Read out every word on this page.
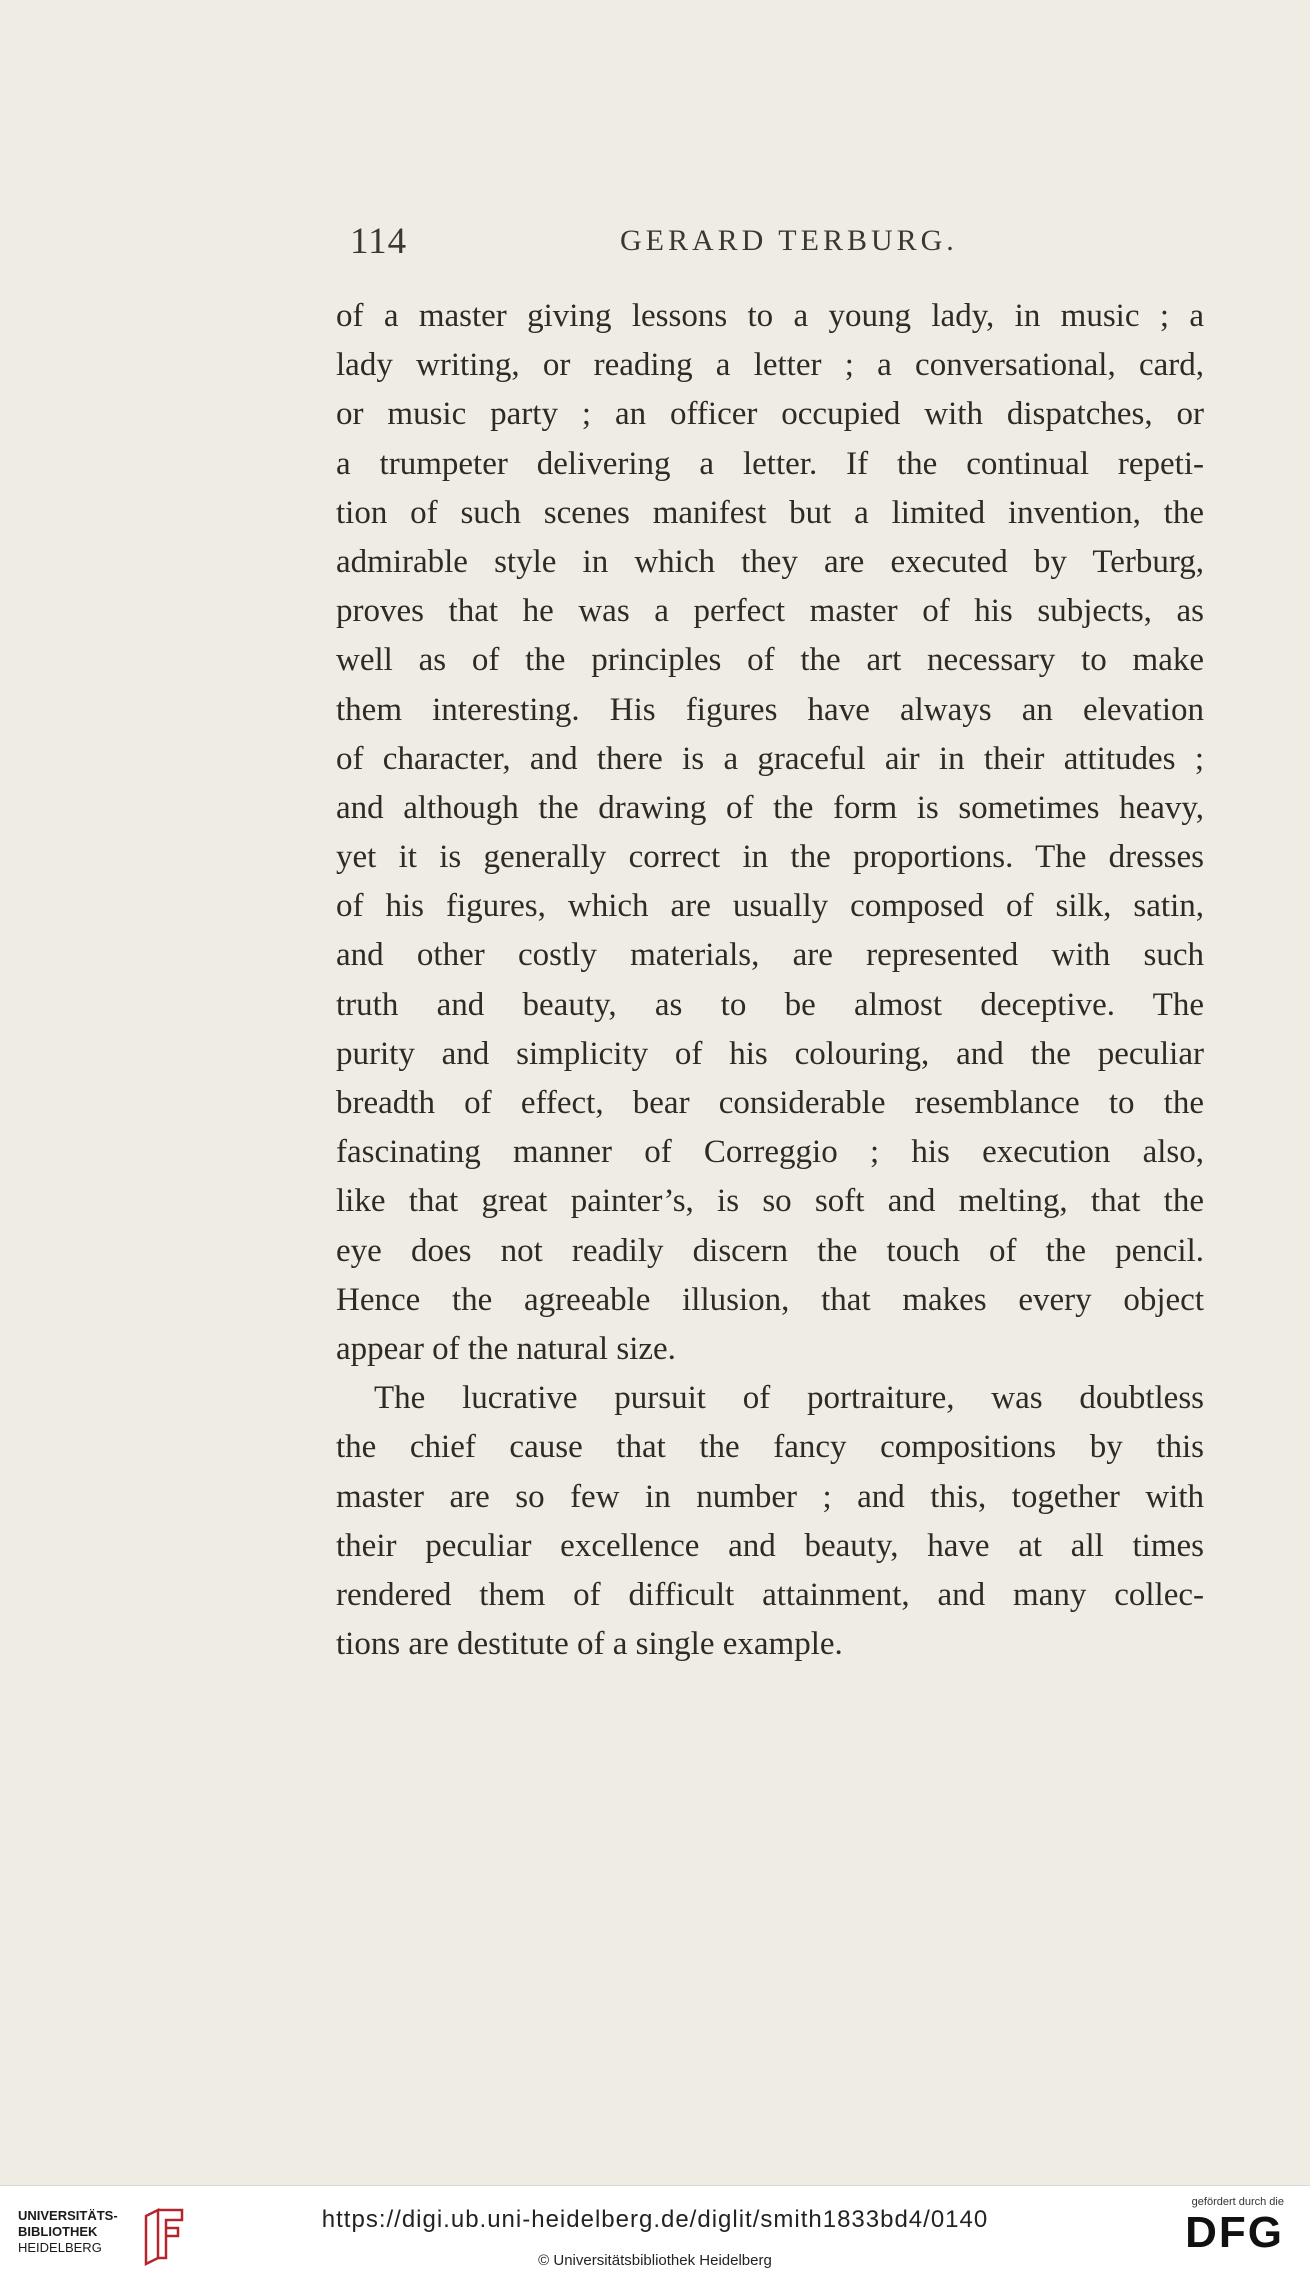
114	GERARD TERBURG.
of a master giving lessons to a young lady, in music ; a
lady writing, or reading a letter ; a conversational, card,
or music party ; an officer occupied with dispatches, or
a trumpeter delivering a letter. If the continual repeti-
tion of such scenes manifest but a limited invention, the
admirable style in which they are executed by Terburg,
proves that he was a perfect master of his subjects, as
well as of the principles of the art necessary to make
them interesting. His figures have always an elevation
of character, and there is a graceful air in their attitudes ;
and although the drawing of the form is sometimes heavy,
yet it is generally correct in the proportions. The dresses
of his figures, which are usually composed of silk, satin,
and other costly materials, are represented with such
truth and beauty, as to be almost deceptive. The
purity and simplicity of his colouring, and the peculiar
breadth of effect, bear considerable resemblance to the
fascinating manner of Correggio ; his execution also,
like that great painter’s, is so soft and melting, that the
eye does not readily discern the touch of the pencil.
Hence the agreeable illusion, that makes every object
appear of the natural size.
The lucrative pursuit of portraiture, was doubtless
the chief cause that the fancy compositions by this
master are so few in number ; and this, together with
their peculiar excellence and beauty, have at all times
rendered them of difficult attainment, and many collec-
tions are destitute of a single example.
UNIVERSITÄTS-
BIBLIOTHEK
HEIDELBERG
https://digi.ub.uni-heidelberg.de/diglit/smith1833bd4/0140
© Universitätsbibliothek Heidelberg
gefördert durch die
DFG
